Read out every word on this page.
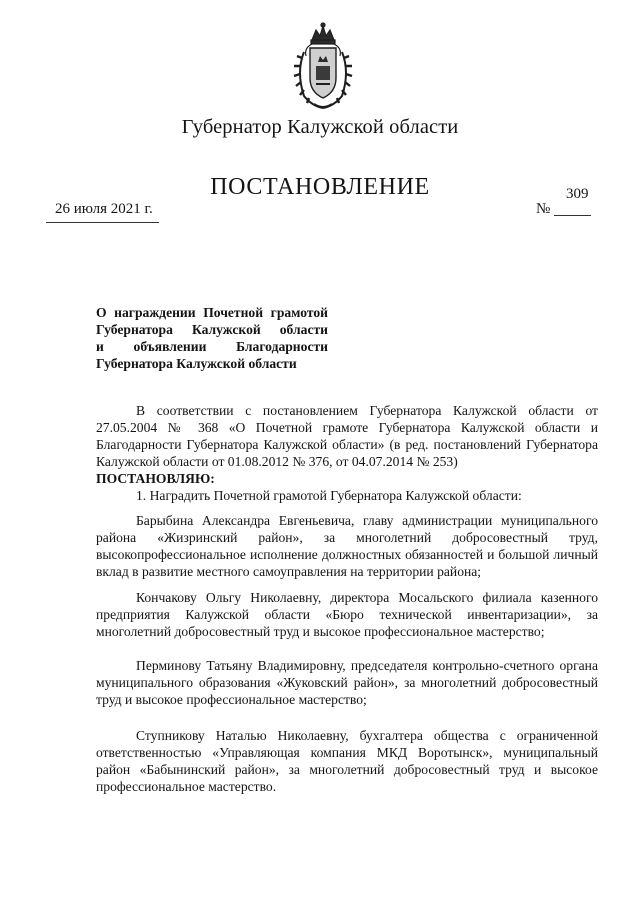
Губернатор Калужской области
ПОСТАНОВЛЕНИЕ
26 июля 2021 г.	№
309
О награждении Почетной грамотой
Губернатора Калужской области
и объявлении Благодарности
Губернатора Калужской области
В соответствии с постановлением Губернатора Калужской области от 27.05.2004 № 368 «О Почетной грамоте Губернатора Калужской области и Благодарности Губернатора Калужской области» (в ред. постановлений Губернатора Калужской области от 01.08.2012 № 376, от 04.07.2014 № 253)
ПОСТАНОВЛЯЮ:
1. Наградить Почетной грамотой Губернатора Калужской области:
Барыбина Александра Евгеньевича, главу администрации муниципального района «Жизринский район», за многолетний добросовестный труд, высокопрофессиональное исполнение должностных обязанностей и большой личный вклад в развитие местного самоуправления на территории района;
Кончакову Ольгу Николаевну, директора Мосальского филиала казенного предприятия Калужской области «Бюро технической инвентаризации», за многолетний добросовестный труд и высокое профессиональное мастерство;
Перминову Татьяну Владимировну, председателя контрольно-счетного органа муниципального образования «Жуковский район», за многолетний добросовестный труд и высокое профессиональное мастерство;
Ступникову Наталью Николаевну, бухгалтера общества с ограниченной ответственностью «Управляющая компания МКД Воротынск», муниципальный район «Бабынинский район», за многолетний добросовестный труд и высокое профессиональное мастерство.
